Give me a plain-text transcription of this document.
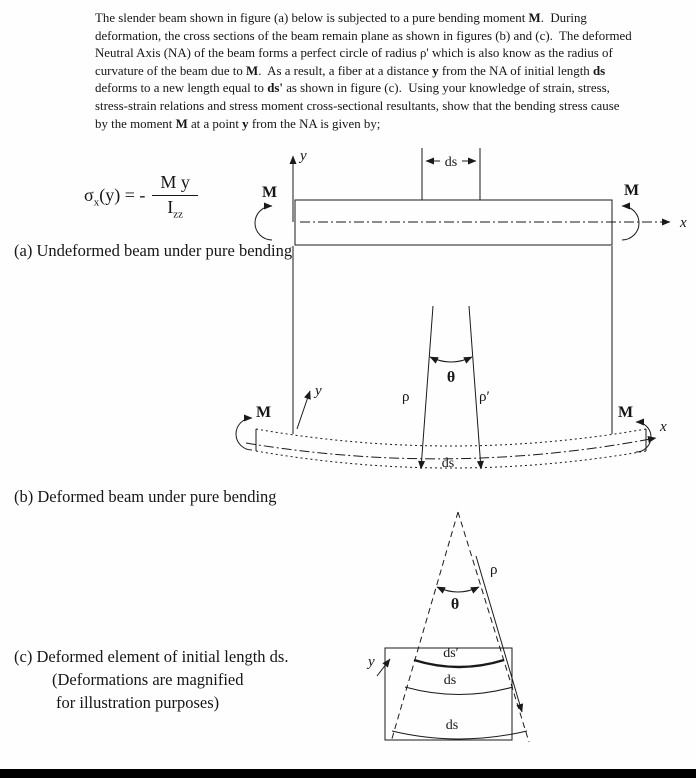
The slender beam shown in figure (a) below is subjected to a pure bending moment M.  During
deformation, the cross sections of the beam remain plane as shown in figures (b) and (c).  The deformed
Neutral Axis (NA) of the beam forms a perfect circle of radius ρ' which is also know as the radius of
curvature of the beam due to M.  As a result, a fiber at a distance y from the NA of initial length ds
deforms to a new length equal to ds' as shown in figure (c).  Using your knowledge of strain, stress,
stress-strain relations and stress moment cross-sectional resultants, show that the bending stress cause
by the moment M at a point y from the NA is given by;
$\sigma_x(y)$ = - $\frac{\text{M y}}{I_{zz}}$
(a) Undeformed beam under pure bending
(b) Deformed beam under pure bending
(c) Deformed element of initial length ds.
(Deformations are magnified
for illustration purposes)
y
x
ds
M	M
θ
ρ	ρ′
ds
y
x
M	M
θ
ρ
ds′
ds
ds
y
